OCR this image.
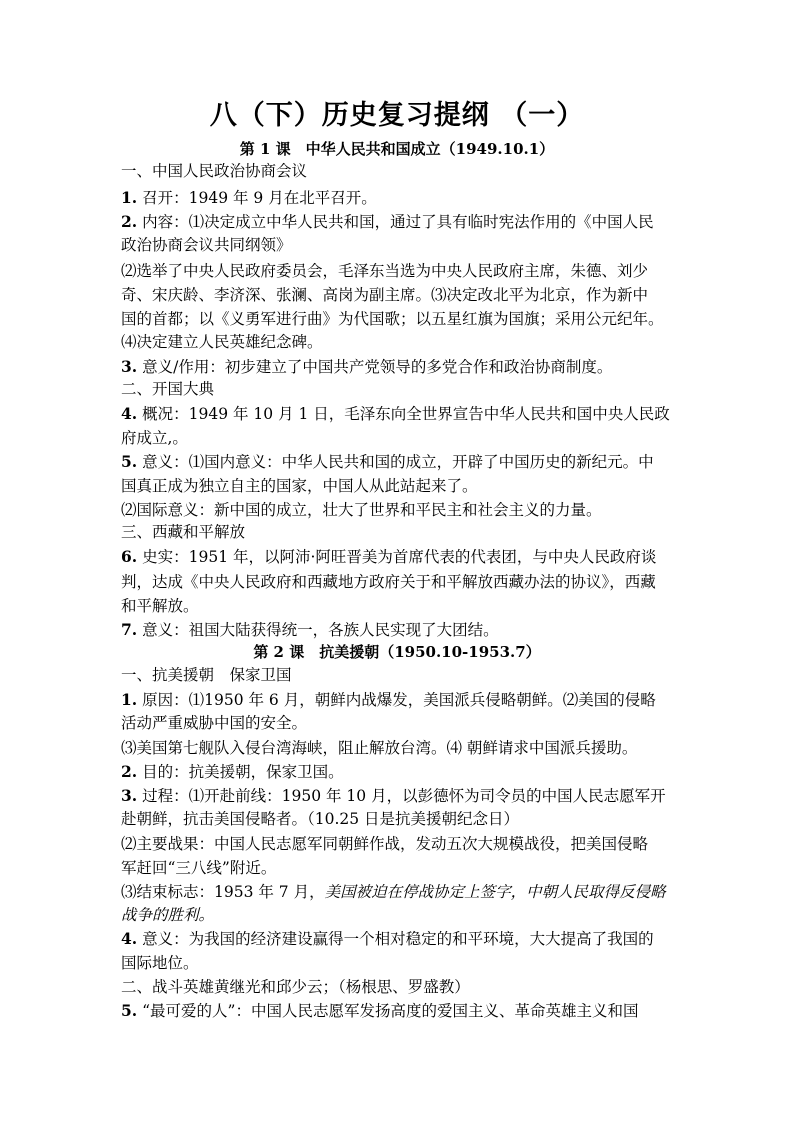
八（下）历史复习提纲 （一）
第 1 课　中华人民共和国成立（1949.10.1）
一、中国人民政治协商会议
1. 召开：1949 年 9 月在北平召开。
2. 内容：⑴决定成立中华人民共和国，通过了具有临时宪法作用的《中国人民
政治协商会议共同纲领》
⑵选举了中央人民政府委员会，毛泽东当选为中央人民政府主席，朱德、刘少
奇、宋庆龄、李济深、张澜、高岗为副主席。⑶决定改北平为北京，作为新中
国的首都；以《义勇军进行曲》为代国歌；以五星红旗为国旗；采用公元纪年。
⑷决定建立人民英雄纪念碑。
3. 意义/作用：初步建立了中国共产党领导的多党合作和政治协商制度。
二、开国大典
4. 概况：1949 年 10 月 1 日，毛泽东向全世界宣告中华人民共和国中央人民政
府成立,。
5. 意义：⑴国内意义：中华人民共和国的成立，开辟了中国历史的新纪元。中
国真正成为独立自主的国家，中国人从此站起来了。
⑵国际意义：新中国的成立，壮大了世界和平民主和社会主义的力量。
三、西藏和平解放
6. 史实：1951 年，以阿沛·阿旺晋美为首席代表的代表团，与中央人民政府谈
判，达成《中央人民政府和西藏地方政府关于和平解放西藏办法的协议》，西藏
和平解放。
7. 意义：祖国大陆获得统一，各族人民实现了大团结。
第 2 课　抗美援朝（1950.10-1953.7）
一、抗美援朝　保家卫国
1. 原因：⑴1950 年 6 月，朝鲜内战爆发，美国派兵侵略朝鲜。⑵美国的侵略
活动严重威胁中国的安全。
⑶美国第七舰队入侵台湾海峡，阻止解放台湾。⑷ 朝鲜请求中国派兵援助。
2. 目的：抗美援朝，保家卫国。
3. 过程：⑴开赴前线：1950 年 10 月，以彭德怀为司令员的中国人民志愿军开
赴朝鲜，抗击美国侵略者。（10.25 日是抗美援朝纪念日）
⑵主要战果：中国人民志愿军同朝鲜作战，发动五次大规模战役，把美国侵略
军赶回“三八线”附近。
⑶结束标志：1953 年 7 月，美国被迫在停战协定上签字，中朝人民取得反侵略
战争的胜利。
4. 意义：为我国的经济建设赢得一个相对稳定的和平环境，大大提高了我国的
国际地位。
二、战斗英雄黄继光和邱少云；（杨根思、罗盛教）
5. “最可爱的人”：中国人民志愿军发扬高度的爱国主义、革命英雄主义和国
